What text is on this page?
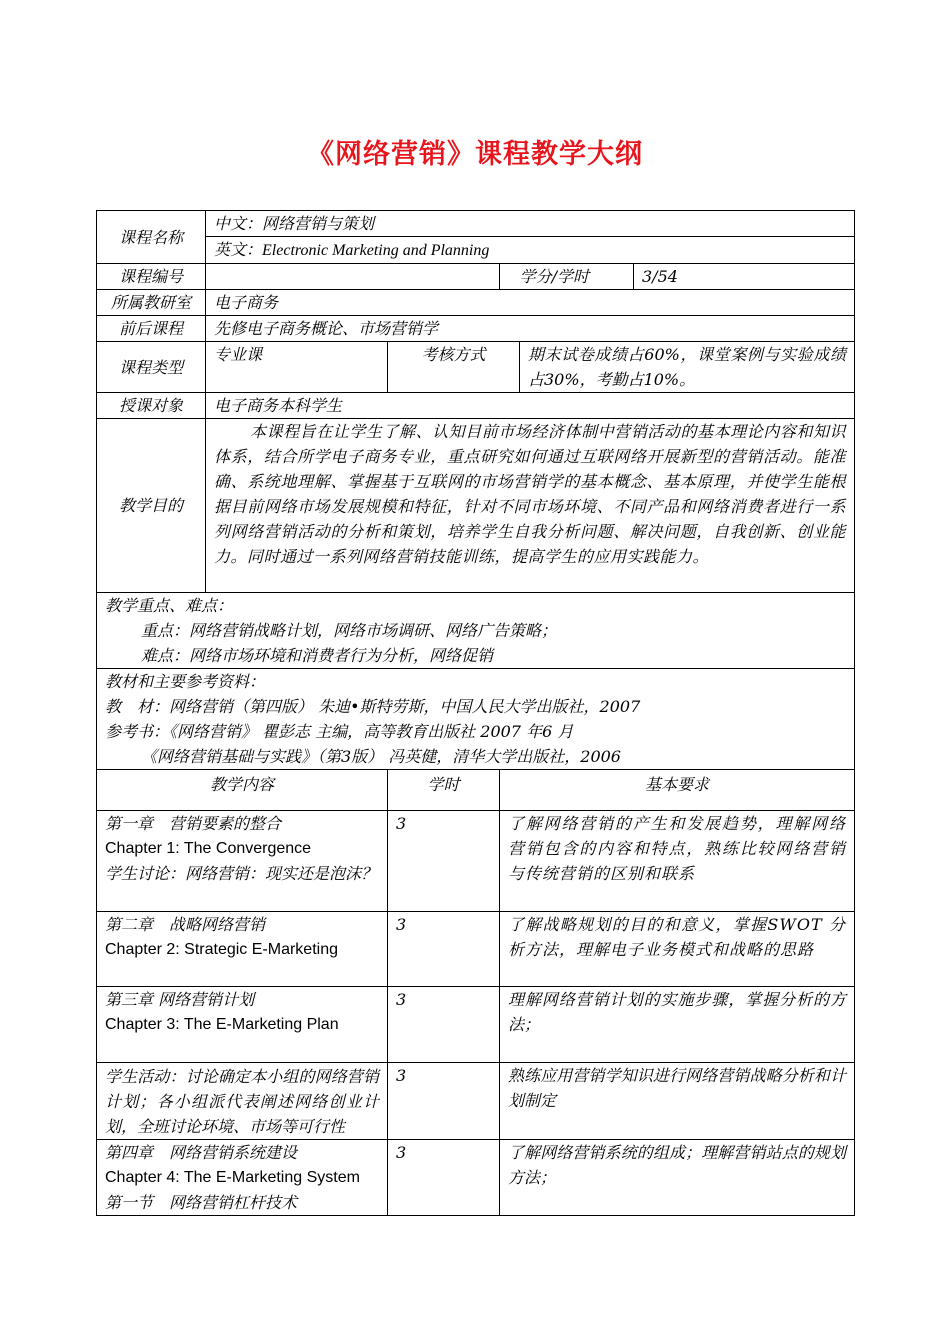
《网络营销》课程教学大纲
课程名称	中文：网络营销与策划				
	英文：Electronic Marketing and Planning				
课程编号			学分/学时		3/54
所属教研室	电子商务				
前后课程	先修电子商务概论、市场营销学				
课程类型	专业课	考核方式		期末试卷成绩占60%，课堂案例与实验成绩占30%，考勤占10%。	
授课对象	电子商务本科学生				
教学目的	本课程旨在让学生了解、认知目前市场经济体制中营销活动的基本理论内容和知识体系，结合所学电子商务专业，重点研究如何通过互联网络开展新型的营销活动。能准确、系统地理解、掌握基于互联网的市场营销学的基本概念、基本原理，并使学生能根据目前网络市场发展规模和特征，针对不同市场环境、不同产品和网络消费者进行一系列网络营销活动的分析和策划，培养学生自我分析问题、解决问题，自我创新、创业能力。同时通过一系列网络营销技能训练，提高学生的应用实践能力。				

教学重点、难点：
重点：网络营销战略计划，网络市场调研、网络广告策略；
难点：网络市场环境和消费者行为分析，网络促销					

教材和主要参考资料：
教　材：网络营销（第四版） 朱迪•斯特劳斯，中国人民大学出版社，2007
参考书：《网络营销》 瞿彭志 主编，高等教育出版社 2007 年6 月
《网络营销基础与实践》（第3版） 冯英健，清华大学出版社，2006					

教学内容		学时	基本要求		

第一章　营销要素的整合
Chapter 1: The Convergence
学生讨论：网络营销：现实还是泡沫？		3	了解网络营销的产生和发展趋势，理解网络营销包含的内容和特点，熟练比较网络营销与传统营销的区别和联系		

第二章　战略网络营销
Chapter 2: Strategic E-Marketing		3	了解战略规划的目的和意义，掌握SWOT 分析方法，理解电子业务模式和战略的思路		

第三章 网络营销计划
Chapter 3: The E-Marketing Plan		3	理解网络营销计划的实施步骤，掌握分析的方法；		
学生活动：讨论确定本小组的网络营销计划；各小组派代表阐述网络创业计划，全班讨论环境、市场等可行性		3	熟练应用营销学知识进行网络营销战略分析和计划制定		

第四章　网络营销系统建设
Chapter 4: The E-Marketing System
第一节　网络营销杠杆技术		3	了解网络营销系统的组成；理解营销站点的规划方法；		
